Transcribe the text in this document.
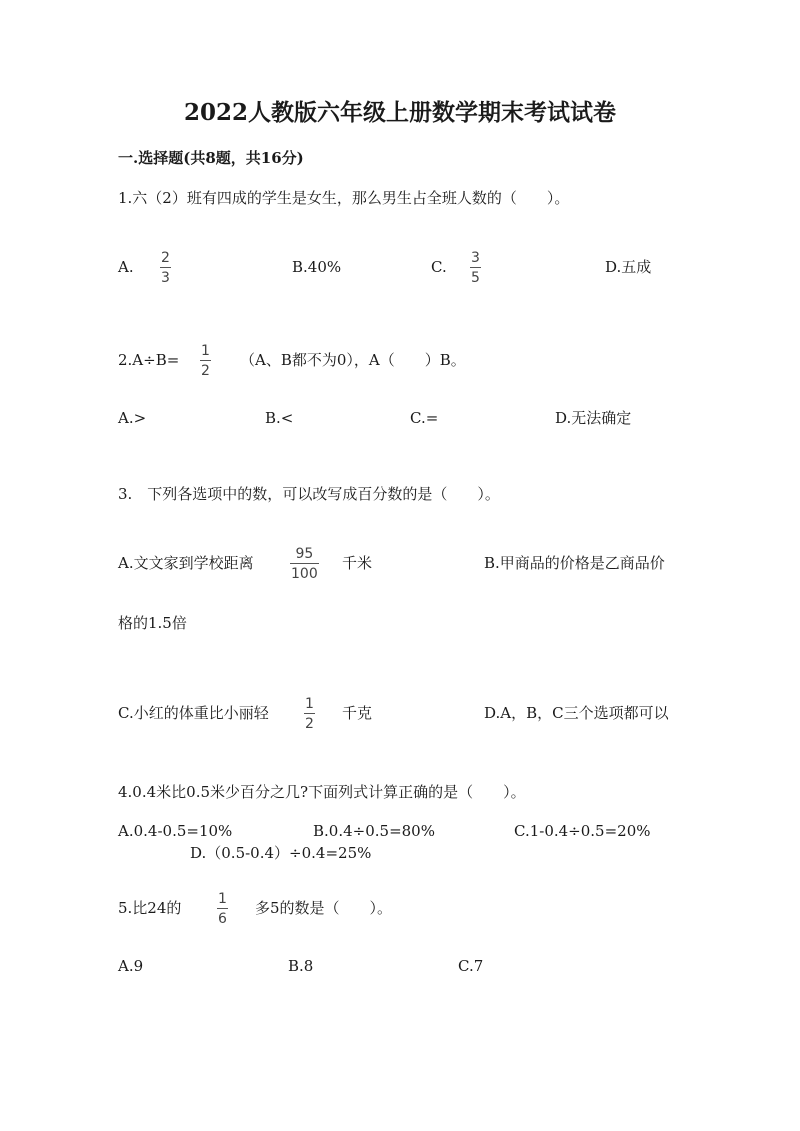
2022人教版六年级上册数学期末考试试卷
一.选择题(共8题，共16分)
1.六（2）班有四成的学生是女生，那么男生占全班人数的（　　）。
A. 2
3
B.40%	C. 3
5
D.五成
2.A÷B= 1
2
（A、B都不为0），A（　　）B。
A.>	B.<	C.=	D.无法确定
3.　下列各选项中的数，可以改写成百分数的是（　　）。
A.文文家到学校距离	95
100
千米	B.甲商品的价格是乙商品价
格的1.5倍
C.小红的体重比小丽轻	1
2
千克	D.A，B，C三个选项都可以
4.0.4米比0.5米少百分之几?下面列式计算正确的是（　　）。
A.0.4-0.5=10%	B.0.4÷0.5=80%	C.1-0.4÷0.5=20%
D.（0.5-0.4）÷0.4=25%
5.比24的	1
6
多5的数是（　　）。
A.9	B.8	C.7
